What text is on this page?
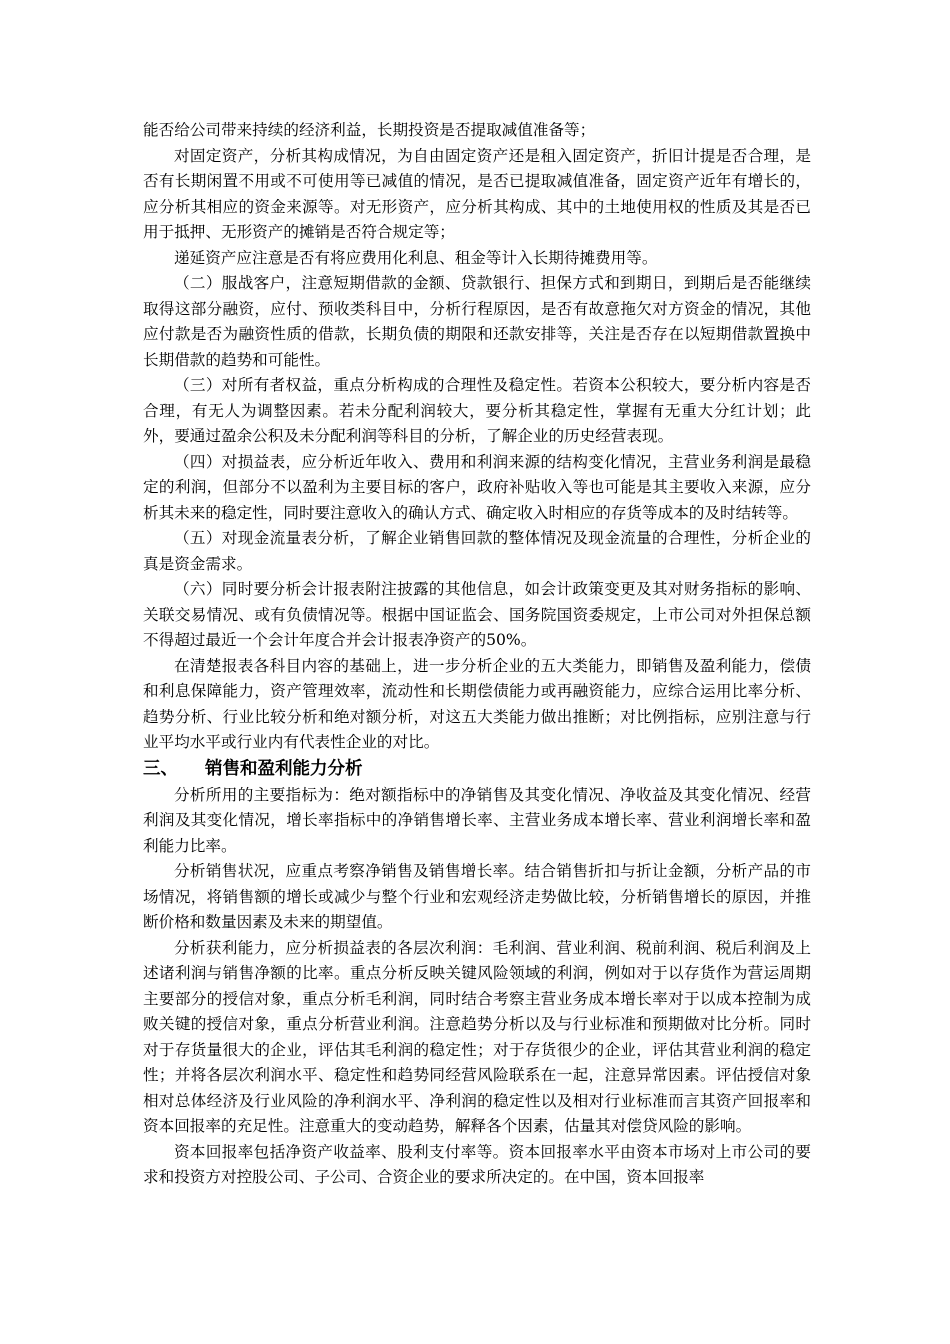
能否给公司带来持续的经济利益，长期投资是否提取减值准备等；

对固定资产，分析其构成情况，为自由固定资产还是租入固定资产，折旧计提是否合理，是否有长期闲置不用或不可使用等已减值的情况，是否已提取减值准备，固定资产近年有增长的，应分析其相应的资金来源等。对无形资产，应分析其构成、其中的土地使用权的性质及其是否已用于抵押、无形资产的摊销是否符合规定等；

递延资产应注意是否有将应费用化利息、租金等计入长期待摊费用等。

（二）服战客户，注意短期借款的金额、贷款银行、担保方式和到期日，到期后是否能继续取得这部分融资，应付、预收类科目中，分析行程原因，是否有故意拖欠对方资金的情况，其他应付款是否为融资性质的借款，长期负债的期限和还款安排等，关注是否存在以短期借款置换中长期借款的趋势和可能性。

（三）对所有者权益，重点分析构成的合理性及稳定性。若资本公积较大，要分析内容是否合理，有无人为调整因素。若未分配利润较大，要分析其稳定性，掌握有无重大分红计划；此外，要通过盈余公积及未分配利润等科目的分析，了解企业的历史经营表现。

（四）对损益表，应分析近年收入、费用和利润来源的结构变化情况，主营业务利润是最稳定的利润，但部分不以盈利为主要目标的客户，政府补贴收入等也可能是其主要收入来源，应分析其未来的稳定性，同时要注意收入的确认方式、确定收入时相应的存货等成本的及时结转等。

（五）对现金流量表分析，了解企业销售回款的整体情况及现金流量的合理性，分析企业的真是资金需求。

（六）同时要分析会计报表附注披露的其他信息，如会计政策变更及其对财务指标的影响、关联交易情况、或有负债情况等。根据中国证监会、国务院国资委规定，上市公司对外担保总额不得超过最近一个会计年度合并会计报表净资产的50%。

在清楚报表各科目内容的基础上，进一步分析企业的五大类能力，即销售及盈利能力，偿债和利息保障能力，资产管理效率，流动性和长期偿债能力或再融资能力，应综合运用比率分析、趋势分析、行业比较分析和绝对额分析，对这五大类能力做出推断；对比例指标，应别注意与行业平均水平或行业内有代表性企业的对比。

三、	销售和盈利能力分析

分析所用的主要指标为：绝对额指标中的净销售及其变化情况、净收益及其变化情况、经营利润及其变化情况，增长率指标中的净销售增长率、主营业务成本增长率、营业利润增长率和盈利能力比率。

分析销售状况，应重点考察净销售及销售增长率。结合销售折扣与折让金额，分析产品的市场情况，将销售额的增长或减少与整个行业和宏观经济走势做比较，分析销售增长的原因，并推断价格和数量因素及未来的期望值。

分析获利能力，应分析损益表的各层次利润：毛利润、营业利润、税前利润、税后利润及上述诸利润与销售净额的比率。重点分析反映关键风险领域的利润，例如对于以存货作为营运周期主要部分的授信对象，重点分析毛利润，同时结合考察主营业务成本增长率对于以成本控制为成败关键的授信对象，重点分析营业利润。注意趋势分析以及与行业标准和预期做对比分析。同时对于存货量很大的企业，评估其毛利润的稳定性；对于存货很少的企业，评估其营业利润的稳定性；并将各层次利润水平、稳定性和趋势同经营风险联系在一起，注意异常因素。评估授信对象相对总体经济及行业风险的净利润水平、净利润的稳定性以及相对行业标准而言其资产回报率和资本回报率的充足性。注意重大的变动趋势，解释各个因素，估量其对偿贷风险的影响。

资本回报率包括净资产收益率、股利支付率等。资本回报率水平由资本市场对上市公司的要求和投资方对控股公司、子公司、合资企业的要求所决定的。在中国，资本回报率
